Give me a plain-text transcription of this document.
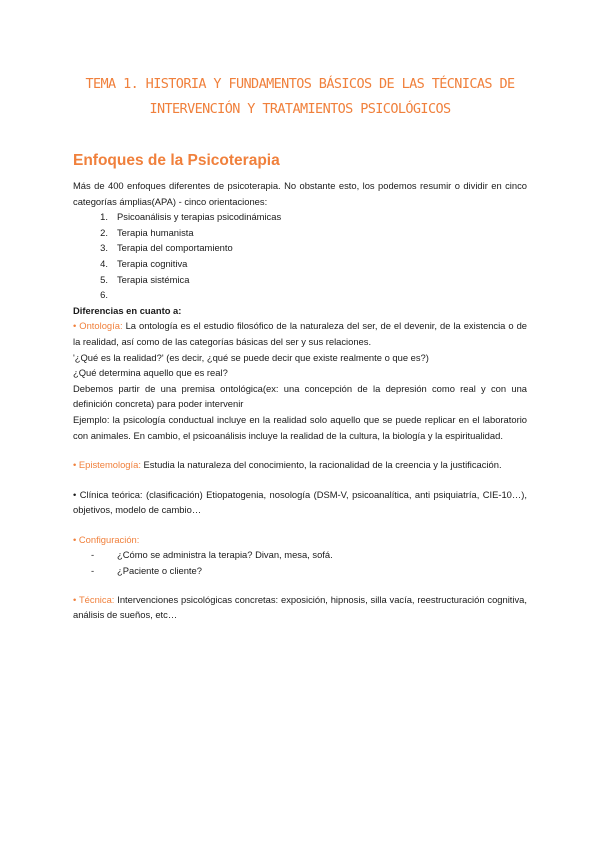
TEMA 1. HISTORIA Y FUNDAMENTOS BÁSICOS DE LAS TÉCNICAS DE INTERVENCIÓN Y TRATAMIENTOS PSICOLÓGICOS
Enfoques de la Psicoterapia

Más de 400 enfoques diferentes de psicoterapia. No obstante esto, los podemos resumir o dividir en cinco categorías ámplias(APA) - cinco orientaciones:

1. Psicoanálisis y terapias psicodinámicas
2. Terapia humanista
3. Terapia del comportamiento
4. Terapia cognitiva
5. Terapia sistémica
6.

Diferencias en cuanto a:

• Ontología: La ontología es el estudio filosófico de la naturaleza del ser, de el devenir, de la existencia o de la realidad, así como de las categorías básicas del ser y sus relaciones.

'¿Qué es la realidad?' (es decir, ¿qué se puede decir que existe realmente o que es?)

¿Qué determina aquello que es real?

Debemos partir de una premisa ontológica(ex: una concepción de la depresión como real y con una definición concreta) para poder intervenir

Ejemplo: la psicología conductual incluye en la realidad solo aquello que se puede replicar en el laboratorio con animales. En cambio, el psicoanálisis incluye la realidad de la cultura, la biología y la espiritualidad.

• Epistemología: Estudia la naturaleza del conocimiento, la racionalidad de la creencia y la justificación.

• Clínica teórica: (clasificación) Etiopatogenia, nosología (DSM-V, psicoanalítica, anti psiquiatría, CIE-10…), objetivos, modelo de cambio…

• Configuración:

-	¿Cómo se administra la terapia? Divan, mesa, sofá.
-	¿Paciente o cliente?

• Técnica: Intervenciones psicológicas concretas: exposición, hipnosis, silla vacía, reestructuración cognitiva, análisis de sueños, etc…
